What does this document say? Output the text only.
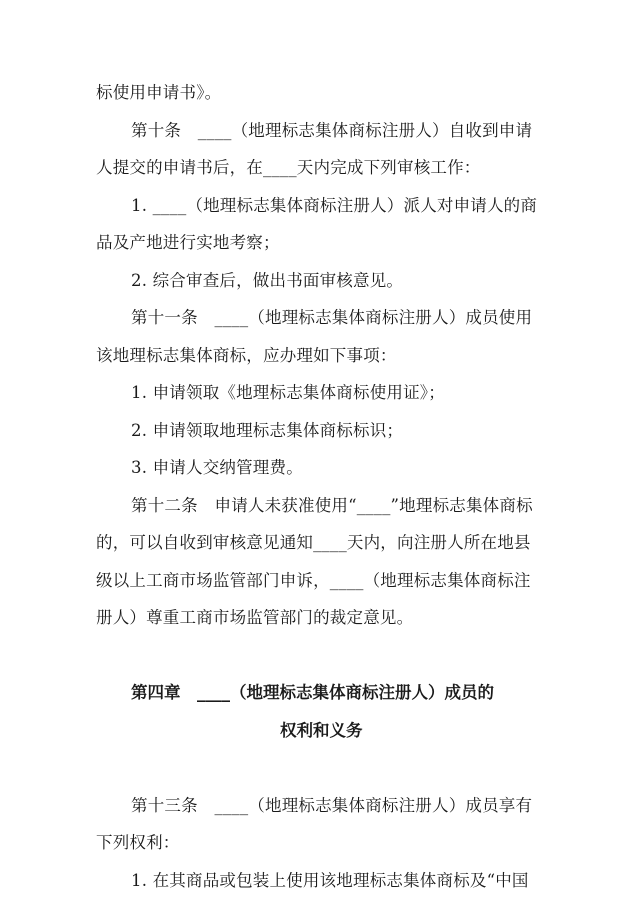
标使用申请书》。
第十条　____（地理标志集体商标注册人）自收到申请
人提交的申请书后，在____天内完成下列审核工作：
1. ____（地理标志集体商标注册人）派人对申请人的商
品及产地进行实地考察；
2. 综合审查后，做出书面审核意见。
第十一条　____（地理标志集体商标注册人）成员使用
该地理标志集体商标，应办理如下事项：
1. 申请领取《地理标志集体商标使用证》；
2. 申请领取地理标志集体商标标识；
3. 申请人交纳管理费。
第十二条　申请人未获准使用“____”地理标志集体商标
的，可以自收到审核意见通知____天内，向注册人所在地县
级以上工商市场监管部门申诉，____（地理标志集体商标注
册人）尊重工商市场监管部门的裁定意见。
第四章　____（地理标志集体商标注册人）成员的
权利和义务
第十三条　____（地理标志集体商标注册人）成员享有
下列权利：
1. 在其商品或包装上使用该地理标志集体商标及“中国
